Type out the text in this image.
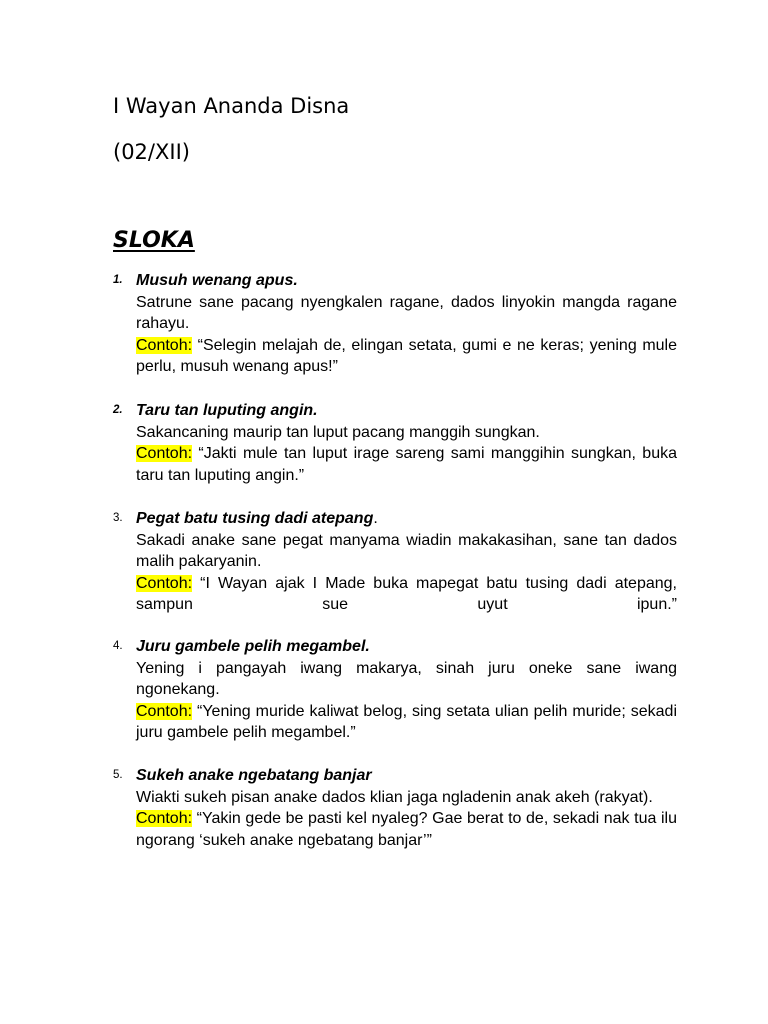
I Wayan Ananda Disna
(02/XII)
SLOKA
1. Musuh wenang apus.
Satrune sane pacang nyengkalen ragane, dados linyokin mangda ragane rahayu.
Contoh: “Selegin melajah de, elingan setata, gumi e ne keras; yening mule perlu, musuh wenang apus!”
2. Taru tan luputing angin.
Sakancaning maurip tan luput pacang manggih sungkan.
Contoh: “Jakti mule tan luput irage sareng sami manggihin sungkan, buka taru tan luputing angin.”
3. Pegat batu tusing dadi atepang.
Sakadi anake sane pegat manyama wiadin makakasihan, sane tan dados malih pakaryanin.
Contoh: “I Wayan ajak I Made buka mapegat batu tusing dadi atepang, sampun sue uyut ipun.”
4. Juru gambele pelih megambel.
Yening i pangayah iwang makarya, sinah juru oneke sane iwang ngonekang.
Contoh: “Yening muride kaliwat belog, sing setata ulian pelih muride; sekadi juru gambele pelih megambel.”
5. Sukeh anake ngebatang banjar
Wiakti sukeh pisan anake dados klian jaga ngladenin anak akeh (rakyat).
Contoh: “Yakin gede be pasti kel nyaleg? Gae berat to de, sekadi nak tua ilu ngorang ‘sukeh anake ngebatang banjar’”
